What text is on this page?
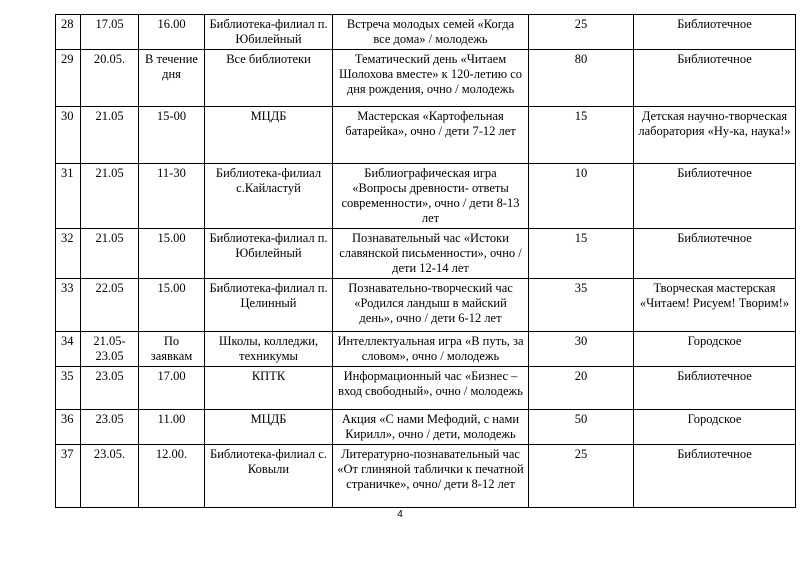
28	17.05	16.00	Библиотека-филиал п. Юбилейный	Встреча молодых семей «Когда все дома» / молодежь	25	Библиотечное
29	20.05.	В течение дня	Все библиотеки	Тематический день «Читаем Шолохова вместе» к 120-летию со дня рождения, очно / молодежь	80	Библиотечное
30	21.05	15-00	МЦДБ	Мастерская «Картофельная батарейка», очно / дети 7-12 лет	15	Детская научно-творческая лаборатория «Ну-ка, наука!»
31	21.05	11-30	Библиотека-филиал с.Кайластуй	Библиографическая игра «Вопросы древности- ответы современности», очно / дети 8-13 лет	10	Библиотечное
32	21.05	15.00	Библиотека-филиал п. Юбилейный	Познавательный час «Истоки славянской письменности», очно / дети 12-14 лет	15	Библиотечное
33	22.05	15.00	Библиотека-филиал п. Целинный	Познавательно-творческий час «Родился ландыш в майский день», очно / дети 6-12 лет	35	Творческая мастерская «Читаем! Рисуем! Творим!»
34	21.05-23.05	По заявкам	Школы, колледжи, техникумы	Интеллектуальная игра «В путь, за словом», очно / молодежь	30	Городское
35	23.05	17.00	КПТК	Информационный час «Бизнес – вход свободный», очно / молодежь	20	Библиотечное
36	23.05	11.00	МЦДБ	Акция «С нами Мефодий, с нами Кирилл», очно / дети, молодежь	50	Городское
37	23.05.	12.00.	Библиотека-филиал с. Ковыли	Литературно-познавательный час «От глиняной таблички к печатной страничке», очно/ дети 8-12 лет	25	Библиотечное
4
